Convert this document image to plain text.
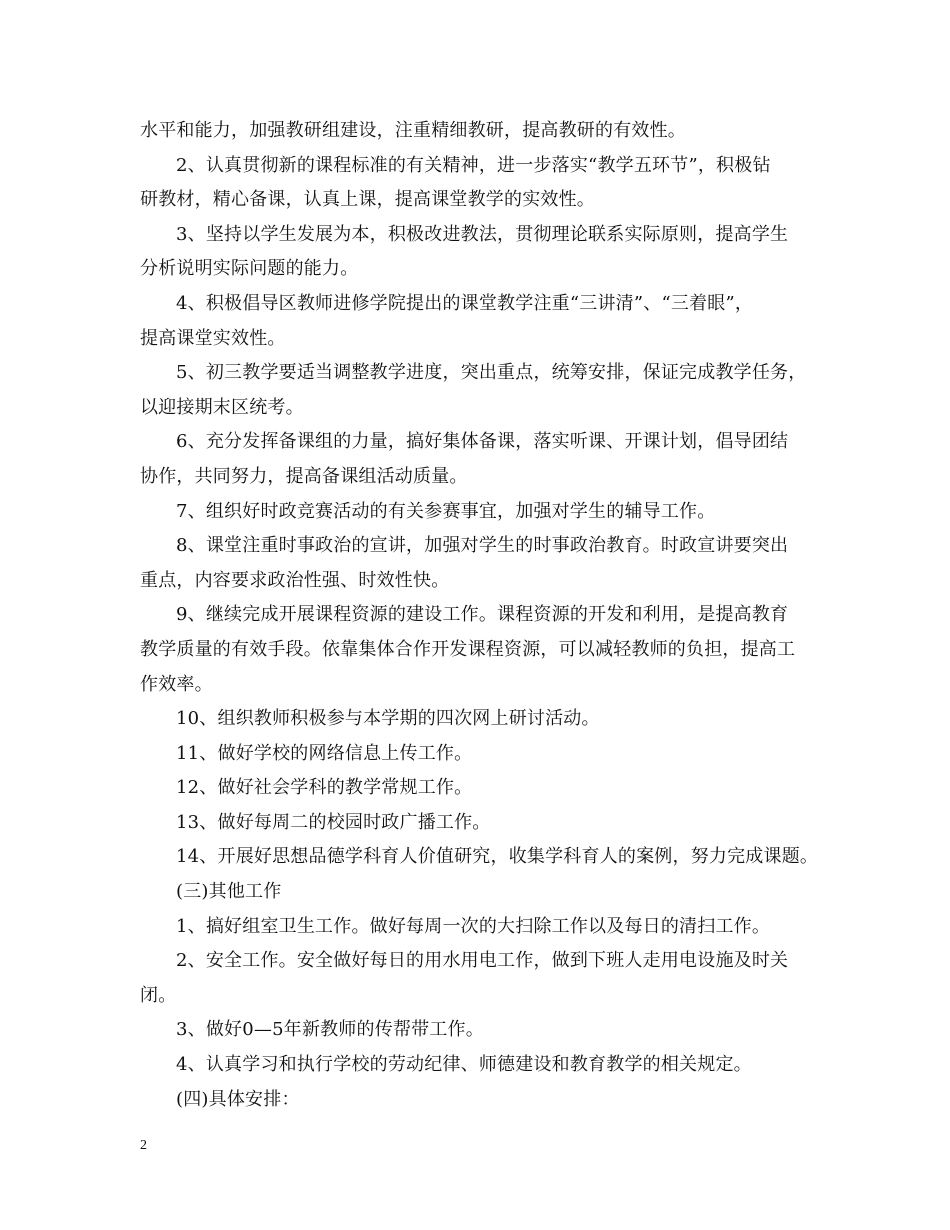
水平和能力，加强教研组建设，注重精细教研，提高教研的有效性。
2、认真贯彻新的课程标准的有关精神，进一步落实“教学五环节”，积极钻
研教材，精心备课，认真上课，提高课堂教学的实效性。
3、坚持以学生发展为本，积极改进教法，贯彻理论联系实际原则，提高学生
分析说明实际问题的能力。
4、积极倡导区教师进修学院提出的课堂教学注重“三讲清”、“三着眼”，
提高课堂实效性。
5、初三教学要适当调整教学进度，突出重点，统筹安排，保证完成教学任务，
以迎接期末区统考。
6、充分发挥备课组的力量，搞好集体备课，落实听课、开课计划，倡导团结
协作，共同努力，提高备课组活动质量。
7、组织好时政竞赛活动的有关参赛事宜，加强对学生的辅导工作。
8、课堂注重时事政治的宣讲，加强对学生的时事政治教育。时政宣讲要突出
重点，内容要求政治性强、时效性快。
9、继续完成开展课程资源的建设工作。课程资源的开发和利用，是提高教育
教学质量的有效手段。依靠集体合作开发课程资源，可以减轻教师的负担，提高工
作效率。
10、组织教师积极参与本学期的四次网上研讨活动。
11、做好学校的网络信息上传工作。
12、做好社会学科的教学常规工作。
13、做好每周二的校园时政广播工作。
14、开展好思想品德学科育人价值研究，收集学科育人的案例，努力完成课题。
(三)其他工作
1、搞好组室卫生工作。做好每周一次的大扫除工作以及每日的清扫工作。
2、安全工作。安全做好每日的用水用电工作，做到下班人走用电设施及时关
闭。
3、做好0—5年新教师的传帮带工作。
4、认真学习和执行学校的劳动纪律、师德建设和教育教学的相关规定。
(四)具体安排：
2
